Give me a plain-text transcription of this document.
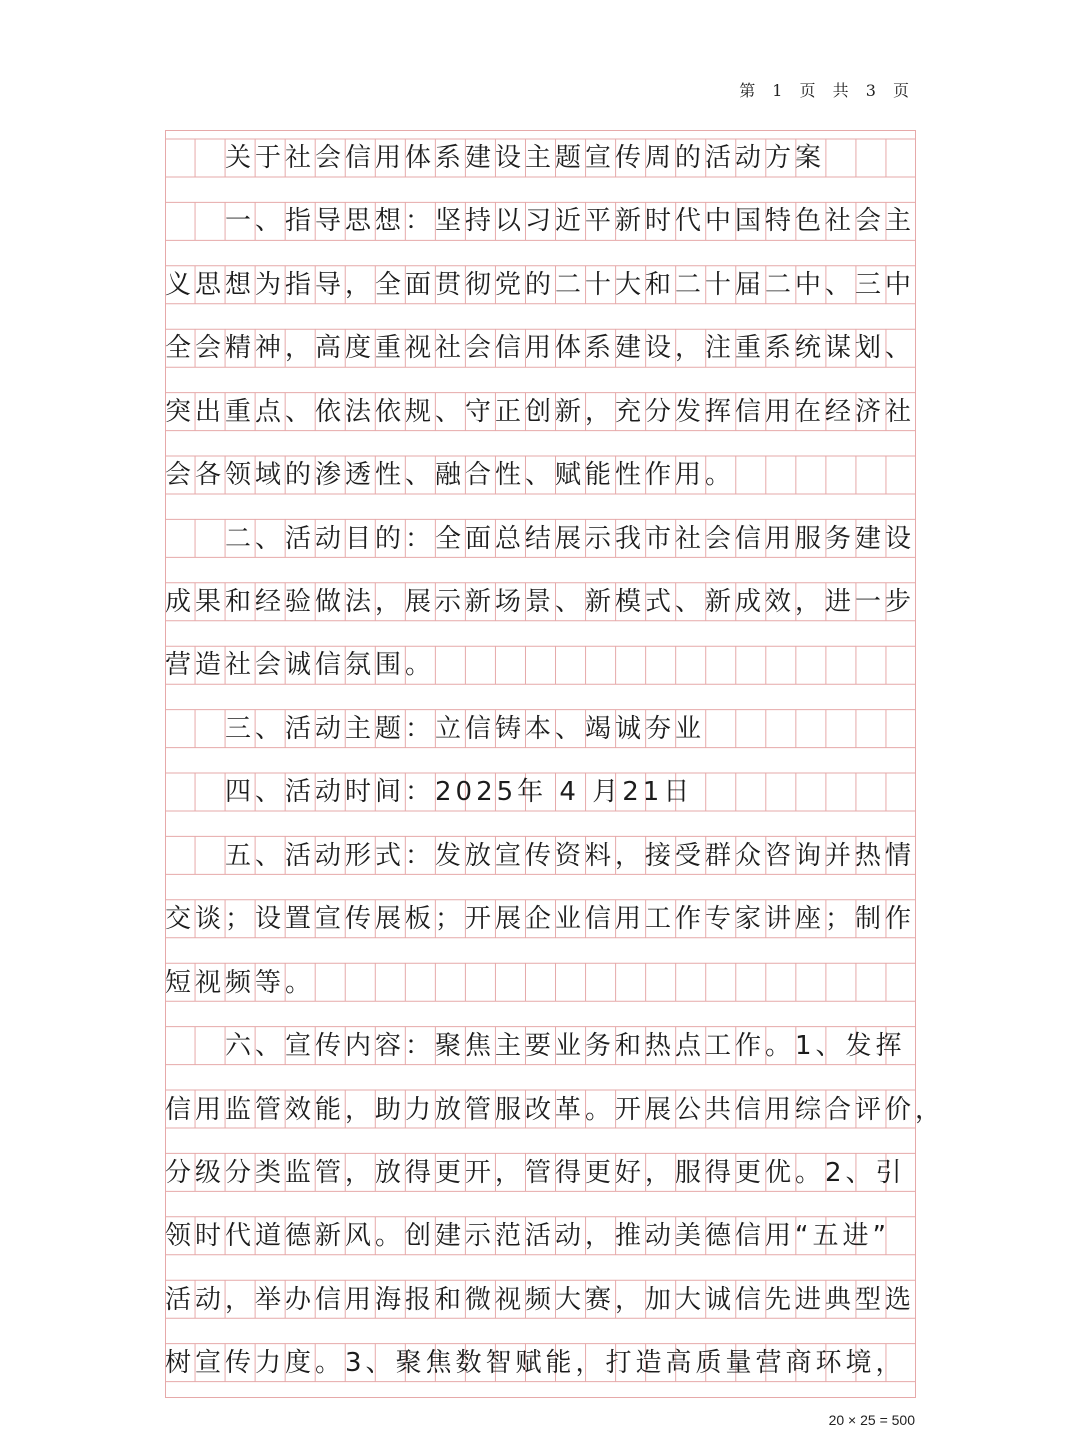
第 1 页 共 3 页
关于社会信用体系建设主题宣传周的活动方案
一、指导思想：坚持以习近平新时代中国特色社会主
义思想为指导，全面贯彻党的二十大和二十届二中、三中
全会精神，高度重视社会信用体系建设，注重系统谋划、
突出重点、依法依规、守正创新，充分发挥信用在经济社
会各领域的渗透性、融合性、赋能性作用。
二、活动目的：全面总结展示我市社会信用服务建设
成果和经验做法，展示新场景、新模式、新成效，进一步
营造社会诚信氛围。
三、活动主题：立信铸本、竭诚夯业
四、活动时间：2025年 4 月21日
五、活动形式：发放宣传资料，接受群众咨询并热情
交谈；设置宣传展板；开展企业信用工作专家讲座；制作
短视频等。
六、宣传内容：聚焦主要业务和热点工作。1、发挥
信用监管效能，助力放管服改革。开展公共信用综合评价，
分级分类监管，放得更开，管得更好，服得更优。2、引
领时代道德新风。创建示范活动，推动美德信用“五进”
活动，举办信用海报和微视频大赛，加大诚信先进典型选
树宣传力度。3、聚焦数智赋能，打造高质量营商环境，
20 × 25 = 500
